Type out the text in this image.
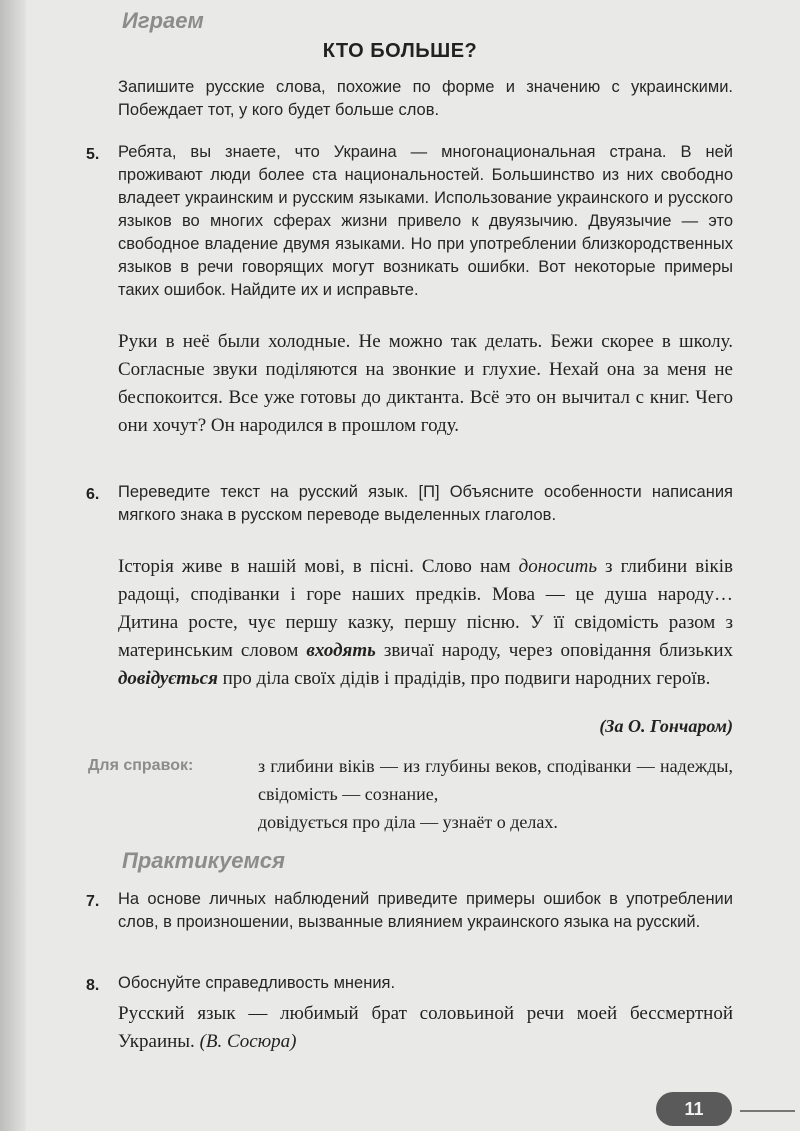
Играем
КТО БОЛЬШЕ?
Запишите русские слова, похожие по форме и значению с украинскими. Побеждает тот, у кого будет больше слов.
5. Ребята, вы знаете, что Украина — многонациональная страна. В ней проживают люди более ста национальностей. Большинство из них свободно владеет украинским и русским языками. Использование украинского и русского языков во многих сферах жизни привело к двуязычию. Двуязычие — это свободное владение двумя языками. Но при употреблении близкородственных языков в речи говорящих могут возникать ошибки. Вот некоторые примеры таких ошибок. Найдите их и исправьте.
Руки в неё были холодные. Не можно так делать. Бежи скорее в школу. Согласные звуки поділяются на звонкие и глухие. Нехай она за меня не беспокоится. Все уже готовы до диктанта. Всё это он вычитал с книг. Чего они хочут? Он народился в прошлом году.
6. Переведите текст на русский язык. [П] Объясните особенности написания мягкого знака в русском переводе выделенных глаголов.

Історія живе в нашій мові, в пісні. Слово нам доносить з глибини віків радощі, сподіванки і горе наших предків. Мова — це душа народу… Дитина росте, чує першу казку, першу пісню. У її свідомість разом з материнським словом входять звичаї народу, через оповідання близьких довідується про діла своїх дідів і прадідів, про подвиги народних героїв.

(За О. Гончаром)
Для справок:	з глибини віків — из глубины веков, сподіванки — надежды, свідомість — сознание,
довідується про діла — узнаёт о делах.
Практикуемся
7. На основе личных наблюдений приведите примеры ошибок в употреблении слов, в произношении, вызванные влиянием украинского языка на русский.
8. Обоснуйте справедливость мнения.
Русский язык — любимый брат соловьиной речи моей бессмертной Украины. (В. Сосюра)
11
